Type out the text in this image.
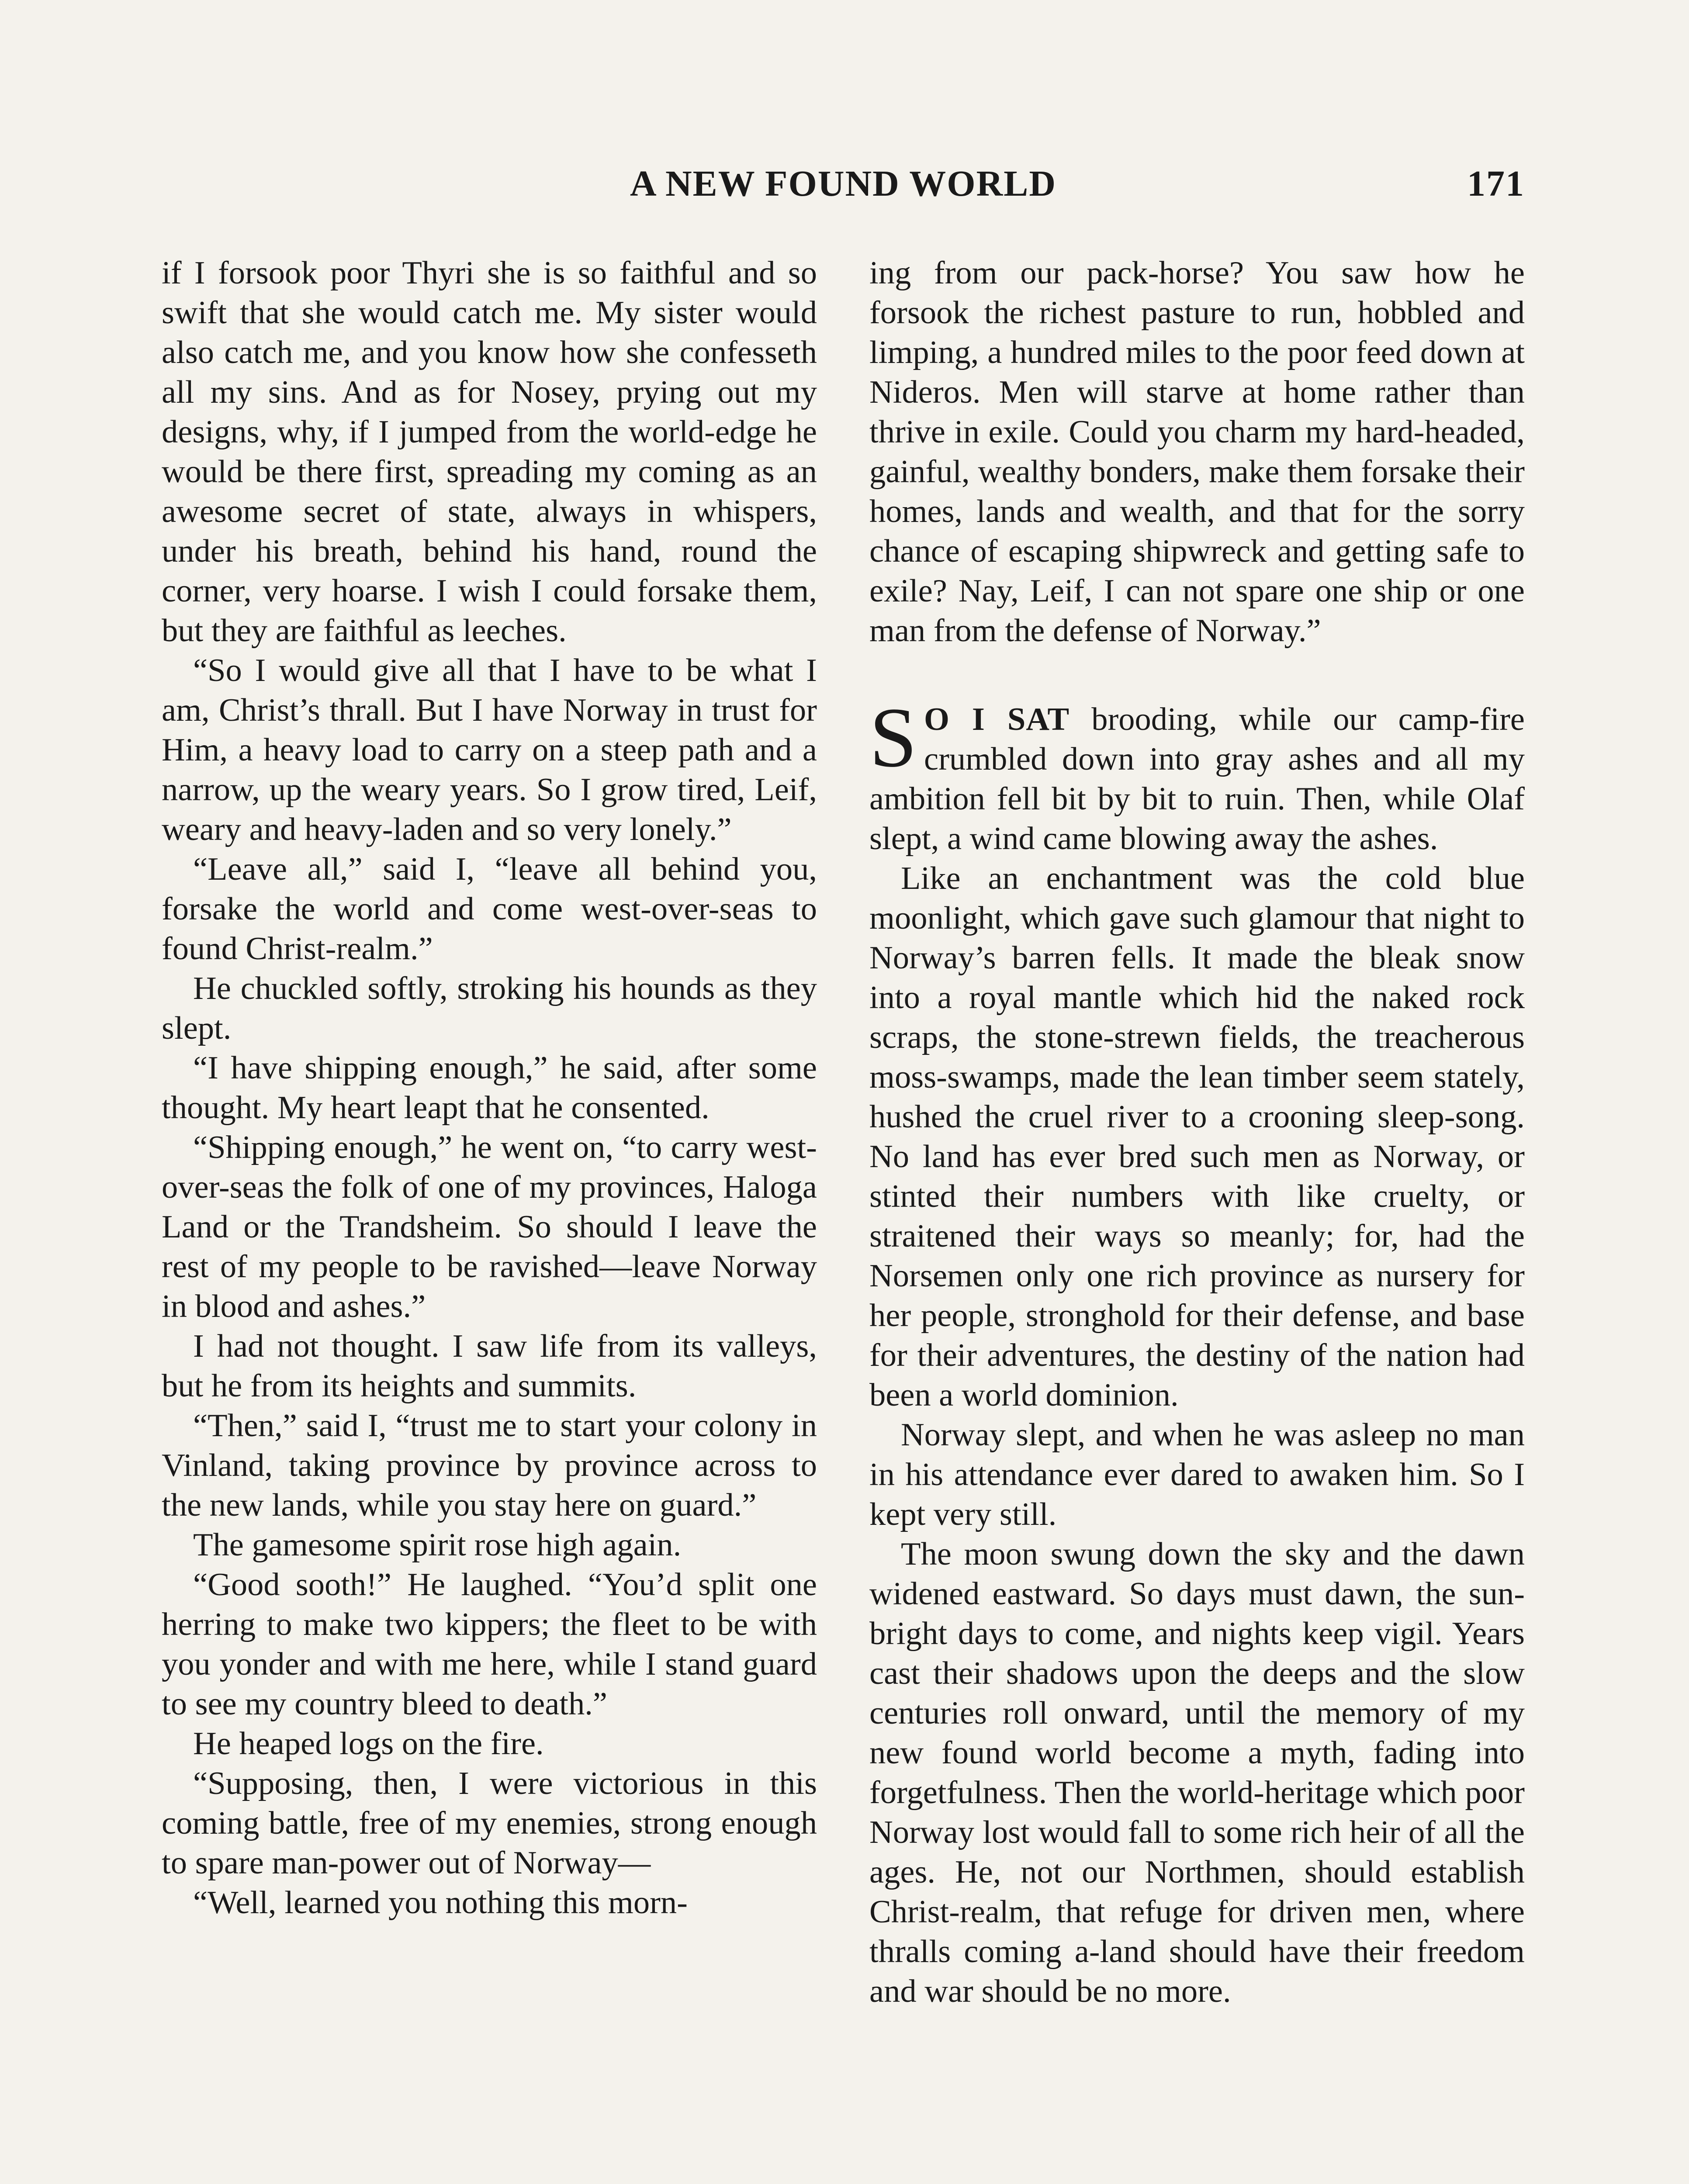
A NEW FOUND WORLD	171

if I forsook poor Thyri she is so faithful and so swift that she would catch me. My sister would also catch me, and you know how she confesseth all my sins. And as for Nosey, prying out my designs, why, if I jumped from the world-edge he would be there first, spreading my coming as an awesome secret of state, always in whispers, under his breath, behind his hand, round the corner, very hoarse. I wish I could forsake them, but they are faithful as leeches.

“So I would give all that I have to be what I am, Christ’s thrall. But I have Norway in trust for Him, a heavy load to carry on a steep path and a narrow, up the weary years. So I grow tired, Leif, weary and heavy-laden and so very lonely.”

“Leave all,” said I, “leave all behind you, forsake the world and come west-over-seas to found Christ-realm.”

He chuckled softly, stroking his hounds as they slept.

“I have shipping enough,” he said, after some thought. My heart leapt that he consented.

“Shipping enough,” he went on, “to carry west-over-seas the folk of one of my provinces, Haloga Land or the Trandsheim. So should I leave the rest of my people to be ravished—leave Norway in blood and ashes.”

I had not thought. I saw life from its valleys, but he from its heights and summits.

“Then,” said I, “trust me to start your colony in Vinland, taking province by province across to the new lands, while you stay here on guard.”

The gamesome spirit rose high again.

“Good sooth!” He laughed. “You’d split one herring to make two kippers; the fleet to be with you yonder and with me here, while I stand guard to see my country bleed to death.”

He heaped logs on the fire.

“Supposing, then, I were victorious in this coming battle, free of my enemies, strong enough to spare man-power out of Norway—

“Well, learned you nothing this morn-

ing from our pack-horse? You saw how he forsook the richest pasture to run, hobbled and limping, a hundred miles to the poor feed down at Nideros. Men will starve at home rather than thrive in exile. Could you charm my hard-headed, gainful, wealthy bonders, make them forsake their homes, lands and wealth, and that for the sorry chance of escaping shipwreck and getting safe to exile? Nay, Leif, I can not spare one ship or one man from the defense of Norway.”

S O I SAT brooding, while our camp-fire crumbled down into gray ashes and all my ambition fell bit by bit to ruin. Then, while Olaf slept, a wind came blowing away the ashes.

Like an enchantment was the cold blue moonlight, which gave such glamour that night to Norway’s barren fells. It made the bleak snow into a royal mantle which hid the naked rock scraps, the stone-strewn fields, the treacherous moss-swamps, made the lean timber seem stately, hushed the cruel river to a crooning sleep-song. No land has ever bred such men as Norway, or stinted their numbers with like cruelty, or straitened their ways so meanly; for, had the Norsemen only one rich province as nursery for her people, stronghold for their defense, and base for their adventures, the destiny of the nation had been a world dominion.

Norway slept, and when he was asleep no man in his attendance ever dared to awaken him. So I kept very still.

The moon swung down the sky and the dawn widened eastward. So days must dawn, the sun-bright days to come, and nights keep vigil. Years cast their shadows upon the deeps and the slow centuries roll onward, until the memory of my new found world become a myth, fading into forgetfulness. Then the world-heritage which poor Norway lost would fall to some rich heir of all the ages. He, not our Northmen, should establish Christ-realm, that refuge for driven men, where thralls coming a-land should have their freedom and war should be no more.
